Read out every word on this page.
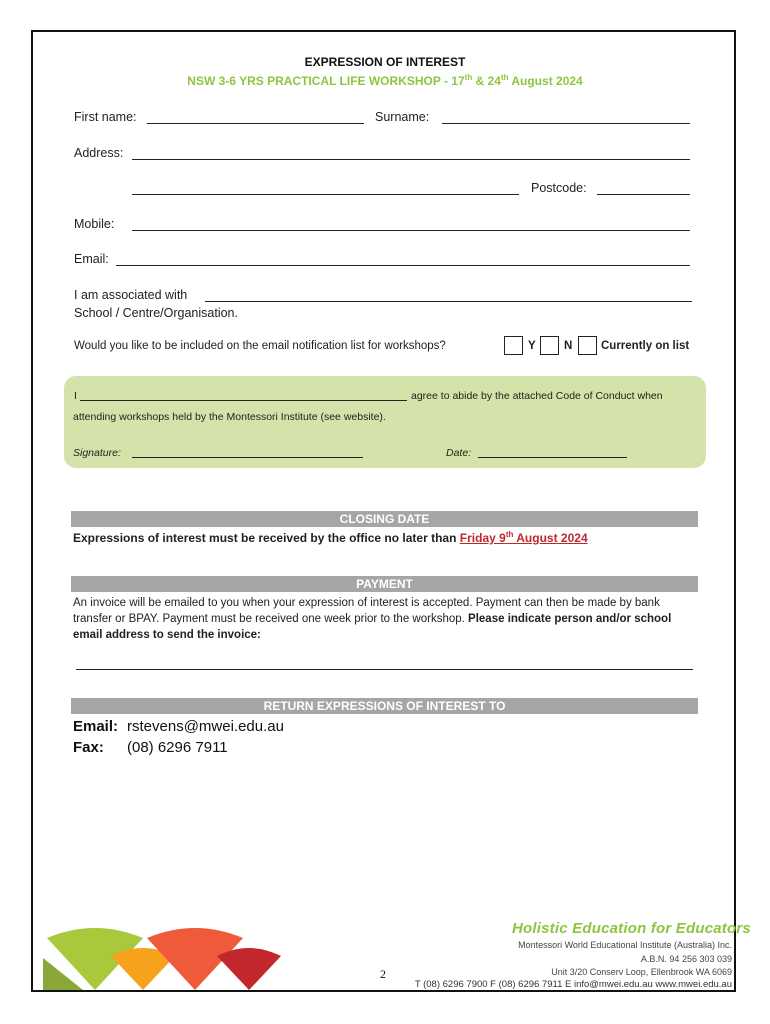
EXPRESSION OF INTEREST
NSW 3-6 YRS PRACTICAL LIFE WORKSHOP - 17th & 24th August 2024
First name:	Surname:
Address:
Postcode:
Mobile:
Email:
I am associated with
School / Centre/Organisation.
Would you like to be included on the email notification list for workshops?	Y N Currently on list
I	agree to abide by the attached Code of Conduct when
attending workshops held by the Montessori Institute (see website).
Signature:	Date:
CLOSING DATE
Expressions of interest must be received by the office no later than Friday 9th August 2024
PAYMENT
An invoice will be emailed to you when your expression of interest is accepted. Payment can then be made by bank transfer or BPAY. Payment must be received one week prior to the workshop. Please indicate person and/or school email address to send the invoice:
RETURN EXPRESSIONS OF INTEREST TO
Email: rstevens@mwei.edu.au
Fax: (08) 6296 7911
Holistic Education for Educators
Montessori World Educational Institute (Australia) Inc.
A.B.N. 94 256 303 039
Unit 3/20 Conserv Loop, Ellenbrook WA 6069
T (08) 6296 7900 F (08) 6296 7911 E info@mwei.edu.au www.mwei.edu.au
2
